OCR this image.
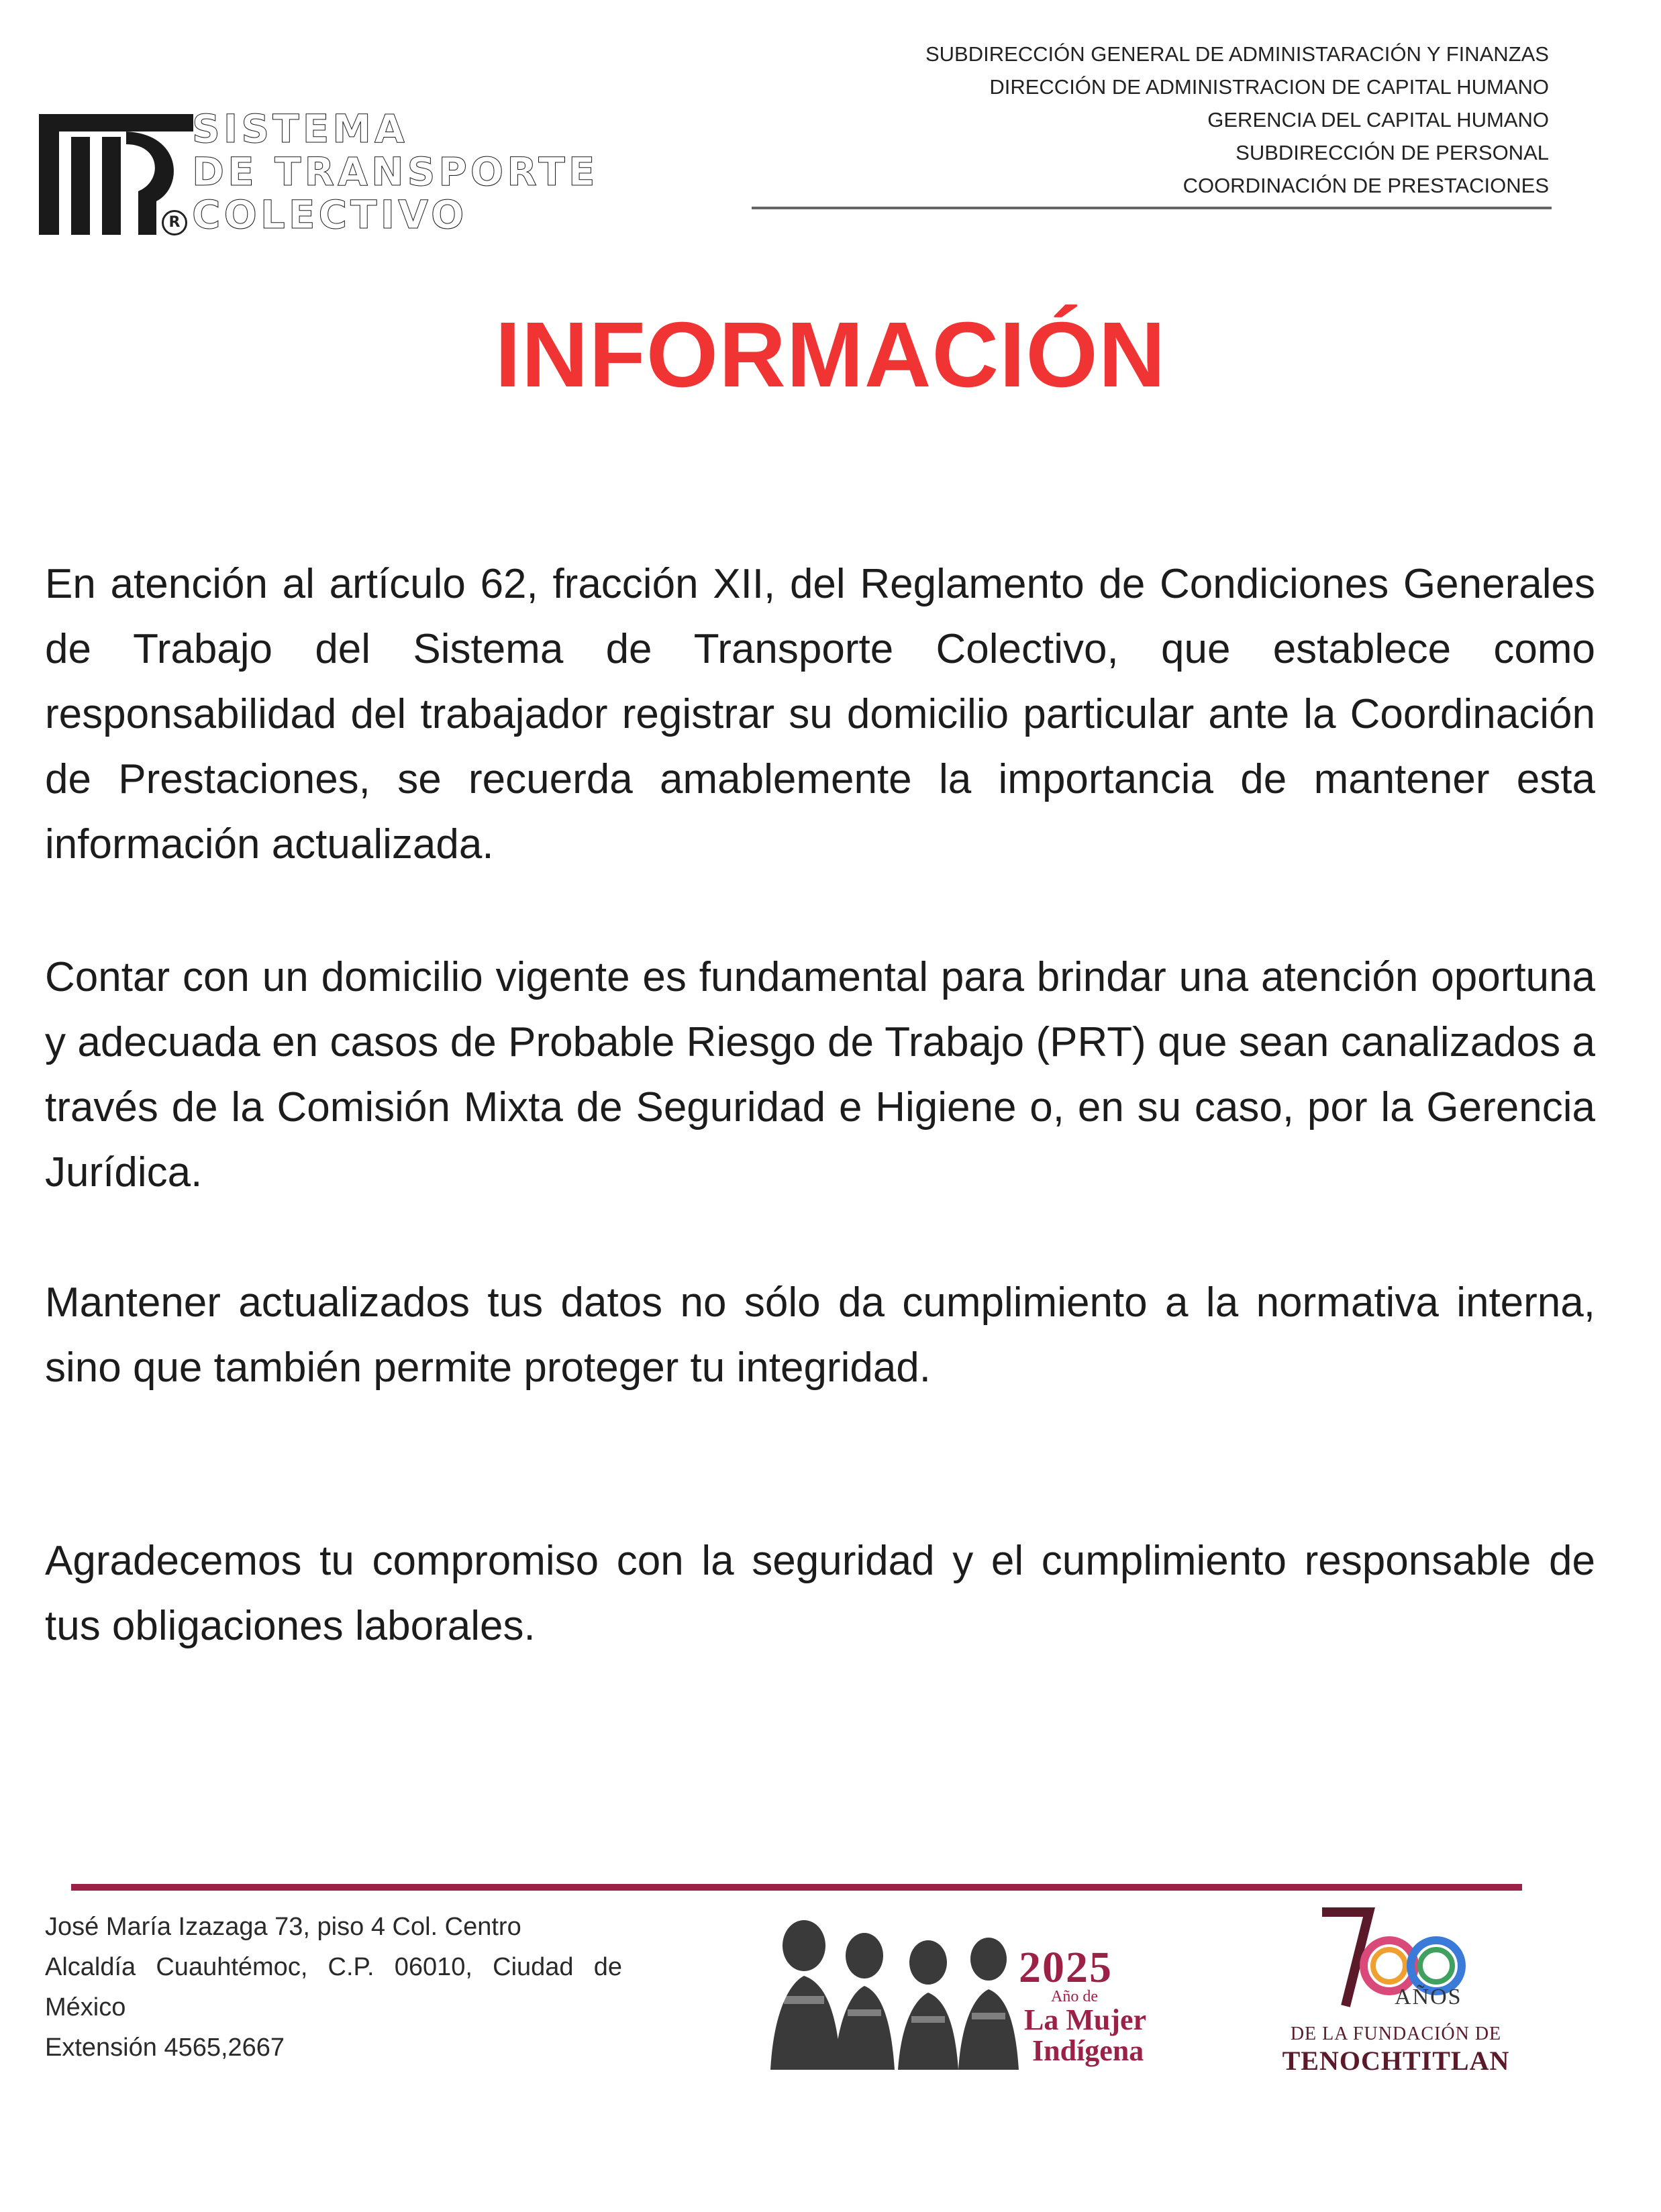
R
SISTEMA
DE TRANSPORTE
COLECTIVO
SUBDIRECCIÓN GENERAL DE ADMINISTARACIÓN Y FINANZAS
DIRECCIÓN DE ADMINISTRACION DE CAPITAL HUMANO
GERENCIA DEL CAPITAL HUMANO
SUBDIRECCIÓN DE PERSONAL
COORDINACIÓN DE PRESTACIONES
INFORMACIÓN
En atención al artículo 62, fracción XII, del Reglamento de Condiciones Generales de Trabajo del Sistema de Transporte Colectivo, que establece como responsabilidad del trabajador registrar su domicilio particular ante la Coordinación de Prestaciones, se recuerda amablemente la importancia de mantener esta información actualizada.
Contar con un domicilio vigente es fundamental para brindar una atención oportuna y adecuada en casos de Probable Riesgo de Trabajo (PRT) que sean canalizados a través de la Comisión Mixta de Seguridad e Higiene o, en su caso, por la Gerencia Jurídica.
Mantener actualizados tus datos no sólo da cumplimiento a la normativa interna, sino que también permite proteger tu integridad.
Agradecemos tu compromiso con la seguridad y el cumplimiento responsable de tus obligaciones laborales.
José María Izazaga 73, piso 4 Col. Centro
Alcaldía Cuauhtémoc, C.P. 06010, Ciudad de México
Extensión 4565,2667
2025
Año de
La Mujer
Indígena
AÑOS
DE LA FUNDACIÓN DE
TENOCHTITLAN
